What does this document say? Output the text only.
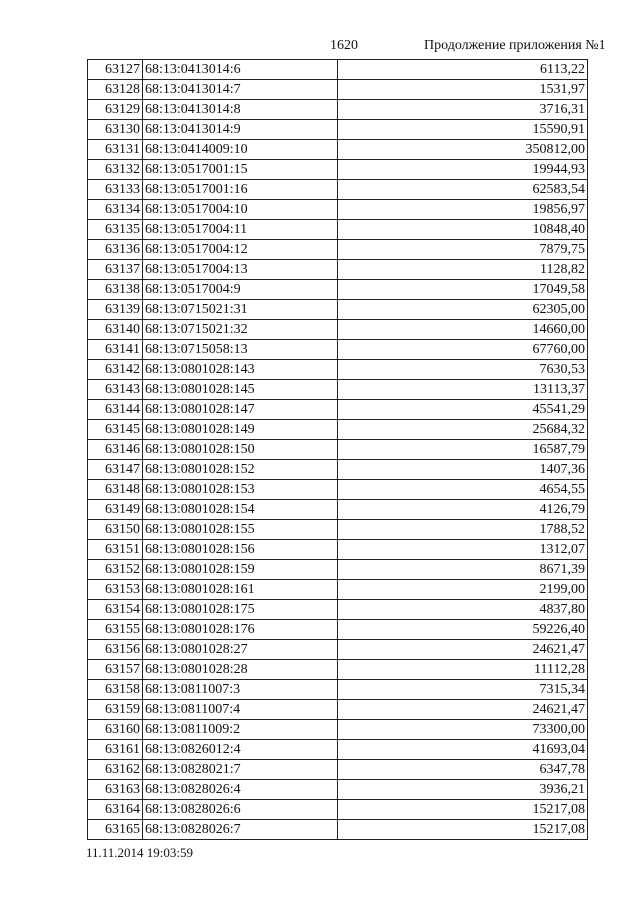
1620	Продолжение приложения №1
63127	68:13:0413014:6	6113,22
63128	68:13:0413014:7	1531,97
63129	68:13:0413014:8	3716,31
63130	68:13:0413014:9	15590,91
63131	68:13:0414009:10	350812,00
63132	68:13:0517001:15	19944,93
63133	68:13:0517001:16	62583,54
63134	68:13:0517004:10	19856,97
63135	68:13:0517004:11	10848,40
63136	68:13:0517004:12	7879,75
63137	68:13:0517004:13	1128,82
63138	68:13:0517004:9	17049,58
63139	68:13:0715021:31	62305,00
63140	68:13:0715021:32	14660,00
63141	68:13:0715058:13	67760,00
63142	68:13:0801028:143	7630,53
63143	68:13:0801028:145	13113,37
63144	68:13:0801028:147	45541,29
63145	68:13:0801028:149	25684,32
63146	68:13:0801028:150	16587,79
63147	68:13:0801028:152	1407,36
63148	68:13:0801028:153	4654,55
63149	68:13:0801028:154	4126,79
63150	68:13:0801028:155	1788,52
63151	68:13:0801028:156	1312,07
63152	68:13:0801028:159	8671,39
63153	68:13:0801028:161	2199,00
63154	68:13:0801028:175	4837,80
63155	68:13:0801028:176	59226,40
63156	68:13:0801028:27	24621,47
63157	68:13:0801028:28	11112,28
63158	68:13:0811007:3	7315,34
63159	68:13:0811007:4	24621,47
63160	68:13:0811009:2	73300,00
63161	68:13:0826012:4	41693,04
63162	68:13:0828021:7	6347,78
63163	68:13:0828026:4	3936,21
63164	68:13:0828026:6	15217,08
63165	68:13:0828026:7	15217,08
11.11.2014 19:03:59
